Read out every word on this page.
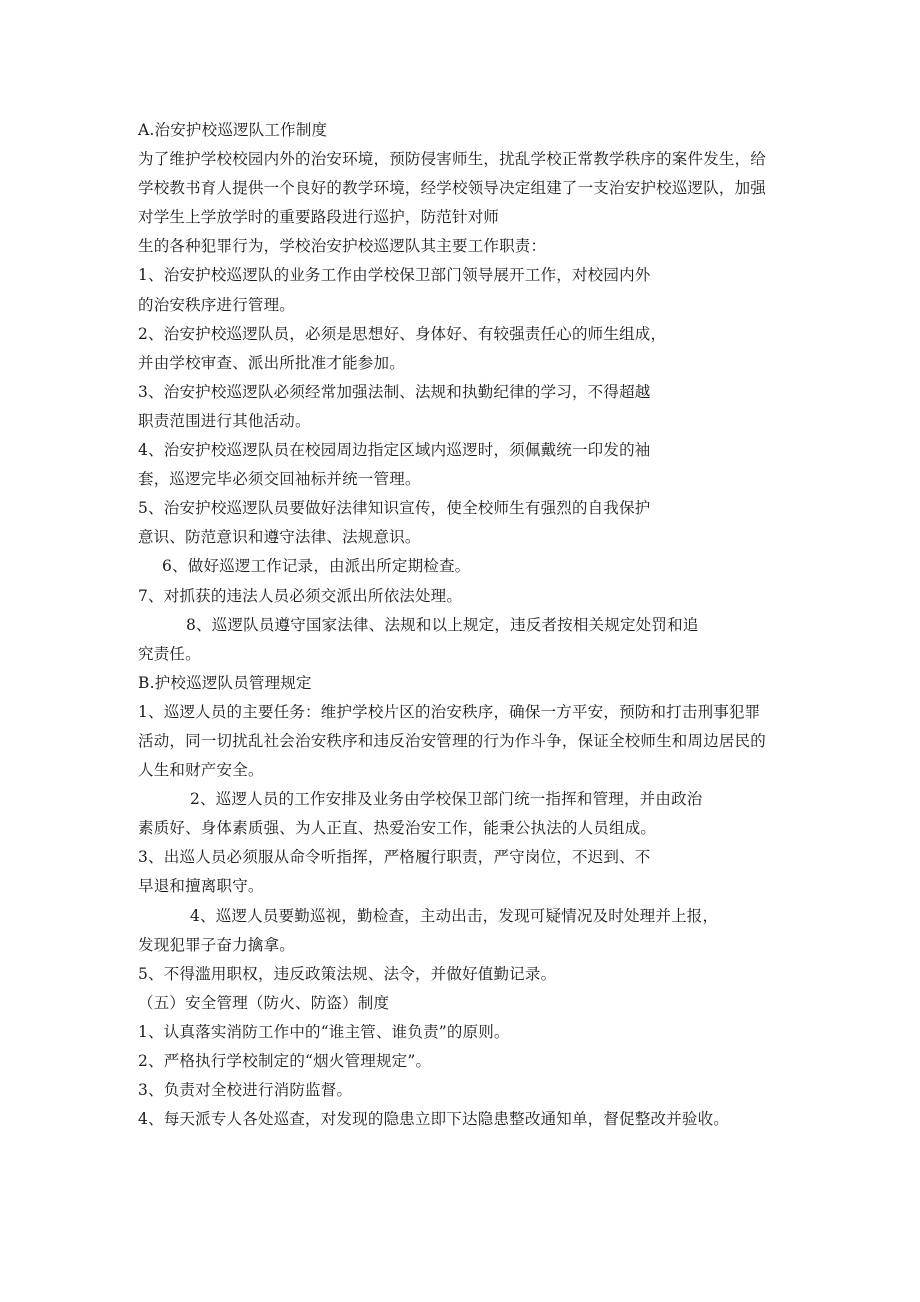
A.治安护校巡逻队工作制度
为了维护学校校园内外的治安环境，预防侵害师生，扰乱学校正常教学秩序的案件发生，给
学校教书育人提供一个良好的教学环境，经学校领导决定组建了一支治安护校巡逻队，加强
对学生上学放学时的重要路段进行巡护，防范针对师
生的各种犯罪行为，学校治安护校巡逻队其主要工作职责：
1、治安护校巡逻队的业务工作由学校保卫部门领导展开工作，对校园内外
的治安秩序进行管理。
2、治安护校巡逻队员，必须是思想好、身体好、有较强责任心的师生组成，
并由学校审查、派出所批准才能参加。
3、治安护校巡逻队必须经常加强法制、法规和执勤纪律的学习，不得超越
职责范围进行其他活动。
4、治安护校巡逻队员在校园周边指定区域内巡逻时，须佩戴统一印发的袖
套，巡逻完毕必须交回袖标并统一管理。
5、治安护校巡逻队员要做好法律知识宣传，使全校师生有强烈的自我保护
意识、防范意识和遵守法律、法规意识。
6、做好巡逻工作记录，由派出所定期检查。
7、对抓获的违法人员必须交派出所依法处理。
8、巡逻队员遵守国家法律、法规和以上规定，违反者按相关规定处罚和追
究责任。
B.护校巡逻队员管理规定
1、巡逻人员的主要任务：维护学校片区的治安秩序，确保一方平安，预防和打击刑事犯罪
活动，同一切扰乱社会治安秩序和违反治安管理的行为作斗争，保证全校师生和周边居民的
人生和财产安全。
2、巡逻人员的工作安排及业务由学校保卫部门统一指挥和管理，并由政治
素质好、身体素质强、为人正直、热爱治安工作，能秉公执法的人员组成。
3、出巡人员必须服从命令听指挥，严格履行职责，严守岗位，不迟到、不
早退和擅离职守。
4、巡逻人员要勤巡视，勤检查，主动出击，发现可疑情况及时处理并上报，
发现犯罪子奋力擒拿。
5、不得滥用职权，违反政策法规、法令，并做好值勤记录。
（五）安全管理（防火、防盗）制度
1、认真落实消防工作中的“谁主管、谁负责”的原则。
2、严格执行学校制定的“烟火管理规定”。
3、负责对全校进行消防监督。
4、每天派专人各处巡查，对发现的隐患立即下达隐患整改通知单，督促整改并验收。
